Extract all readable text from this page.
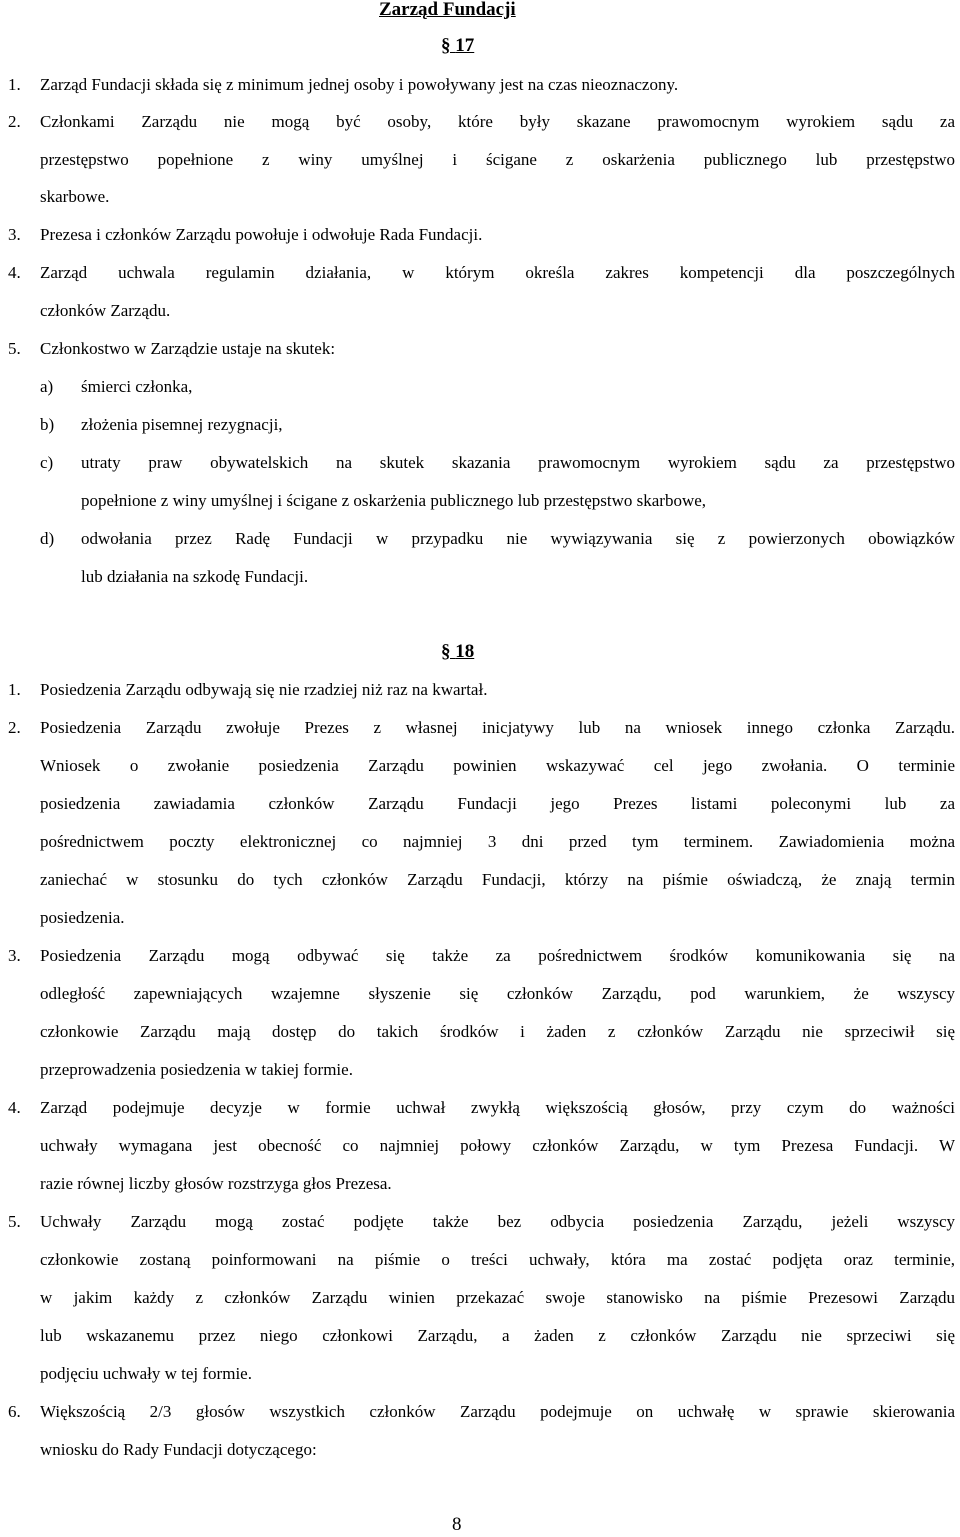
Zarząd Fundacji
§ 17
1. Zarząd Fundacji składa się z minimum jednej osoby i powoływany jest na czas nieoznaczony.
2. Członkami Zarządu nie mogą być osoby, które były skazane prawomocnym wyrokiem sądu za
przestępstwo popełnione z winy umyślnej i ścigane z oskarżenia publicznego lub przestępstwo
skarbowe.
3. Prezesa i członków Zarządu powołuje i odwołuje Rada Fundacji.
4. Zarząd uchwala regulamin działania, w którym określa zakres kompetencji dla poszczególnych
członków Zarządu.
5. Członkostwo w Zarządzie ustaje na skutek:
a) śmierci członka,
b) złożenia pisemnej rezygnacji,
c) utraty praw obywatelskich na skutek skazania prawomocnym wyrokiem sądu za przestępstwo
popełnione z winy umyślnej i ścigane z oskarżenia publicznego lub przestępstwo skarbowe,
d) odwołania przez Radę Fundacji w przypadku nie wywiązywania się z powierzonych obowiązków
lub działania na szkodę Fundacji.
§ 18
1. Posiedzenia Zarządu odbywają się nie rzadziej niż raz na kwartał.
2. Posiedzenia Zarządu zwołuje Prezes z własnej inicjatywy lub na wniosek innego członka Zarządu.
Wniosek o zwołanie posiedzenia Zarządu powinien wskazywać cel jego zwołania. O terminie
posiedzenia zawiadamia członków Zarządu Fundacji jego Prezes listami poleconymi lub za
pośrednictwem poczty elektronicznej co najmniej 3 dni przed tym terminem. Zawiadomienia można
zaniechać w stosunku do tych członków Zarządu Fundacji, którzy na piśmie oświadczą, że znają termin
posiedzenia.
3. Posiedzenia Zarządu mogą odbywać się także za pośrednictwem środków komunikowania się na
odległość zapewniających wzajemne słyszenie się członków Zarządu, pod warunkiem, że wszyscy
członkowie Zarządu mają dostęp do takich środków i żaden z członków Zarządu nie sprzeciwił się
przeprowadzenia posiedzenia w takiej formie.
4. Zarząd podejmuje decyzje w formie uchwał zwykłą większością głosów, przy czym do ważności
uchwały wymagana jest obecność co najmniej połowy członków Zarządu, w tym Prezesa Fundacji. W
razie równej liczby głosów rozstrzyga głos Prezesa.
5. Uchwały Zarządu mogą zostać podjęte także bez odbycia posiedzenia Zarządu, jeżeli wszyscy
członkowie zostaną poinformowani na piśmie o treści uchwały, która ma zostać podjęta oraz terminie,
w jakim każdy z członków Zarządu winien przekazać swoje stanowisko na piśmie Prezesowi Zarządu
lub wskazanemu przez niego członkowi Zarządu, a żaden z członków Zarządu nie sprzeciwi się
podjęciu uchwały w tej formie.
6. Większością 2/3 głosów wszystkich członków Zarządu podejmuje on uchwałę w sprawie skierowania
wniosku do Rady Fundacji dotyczącego:
8
